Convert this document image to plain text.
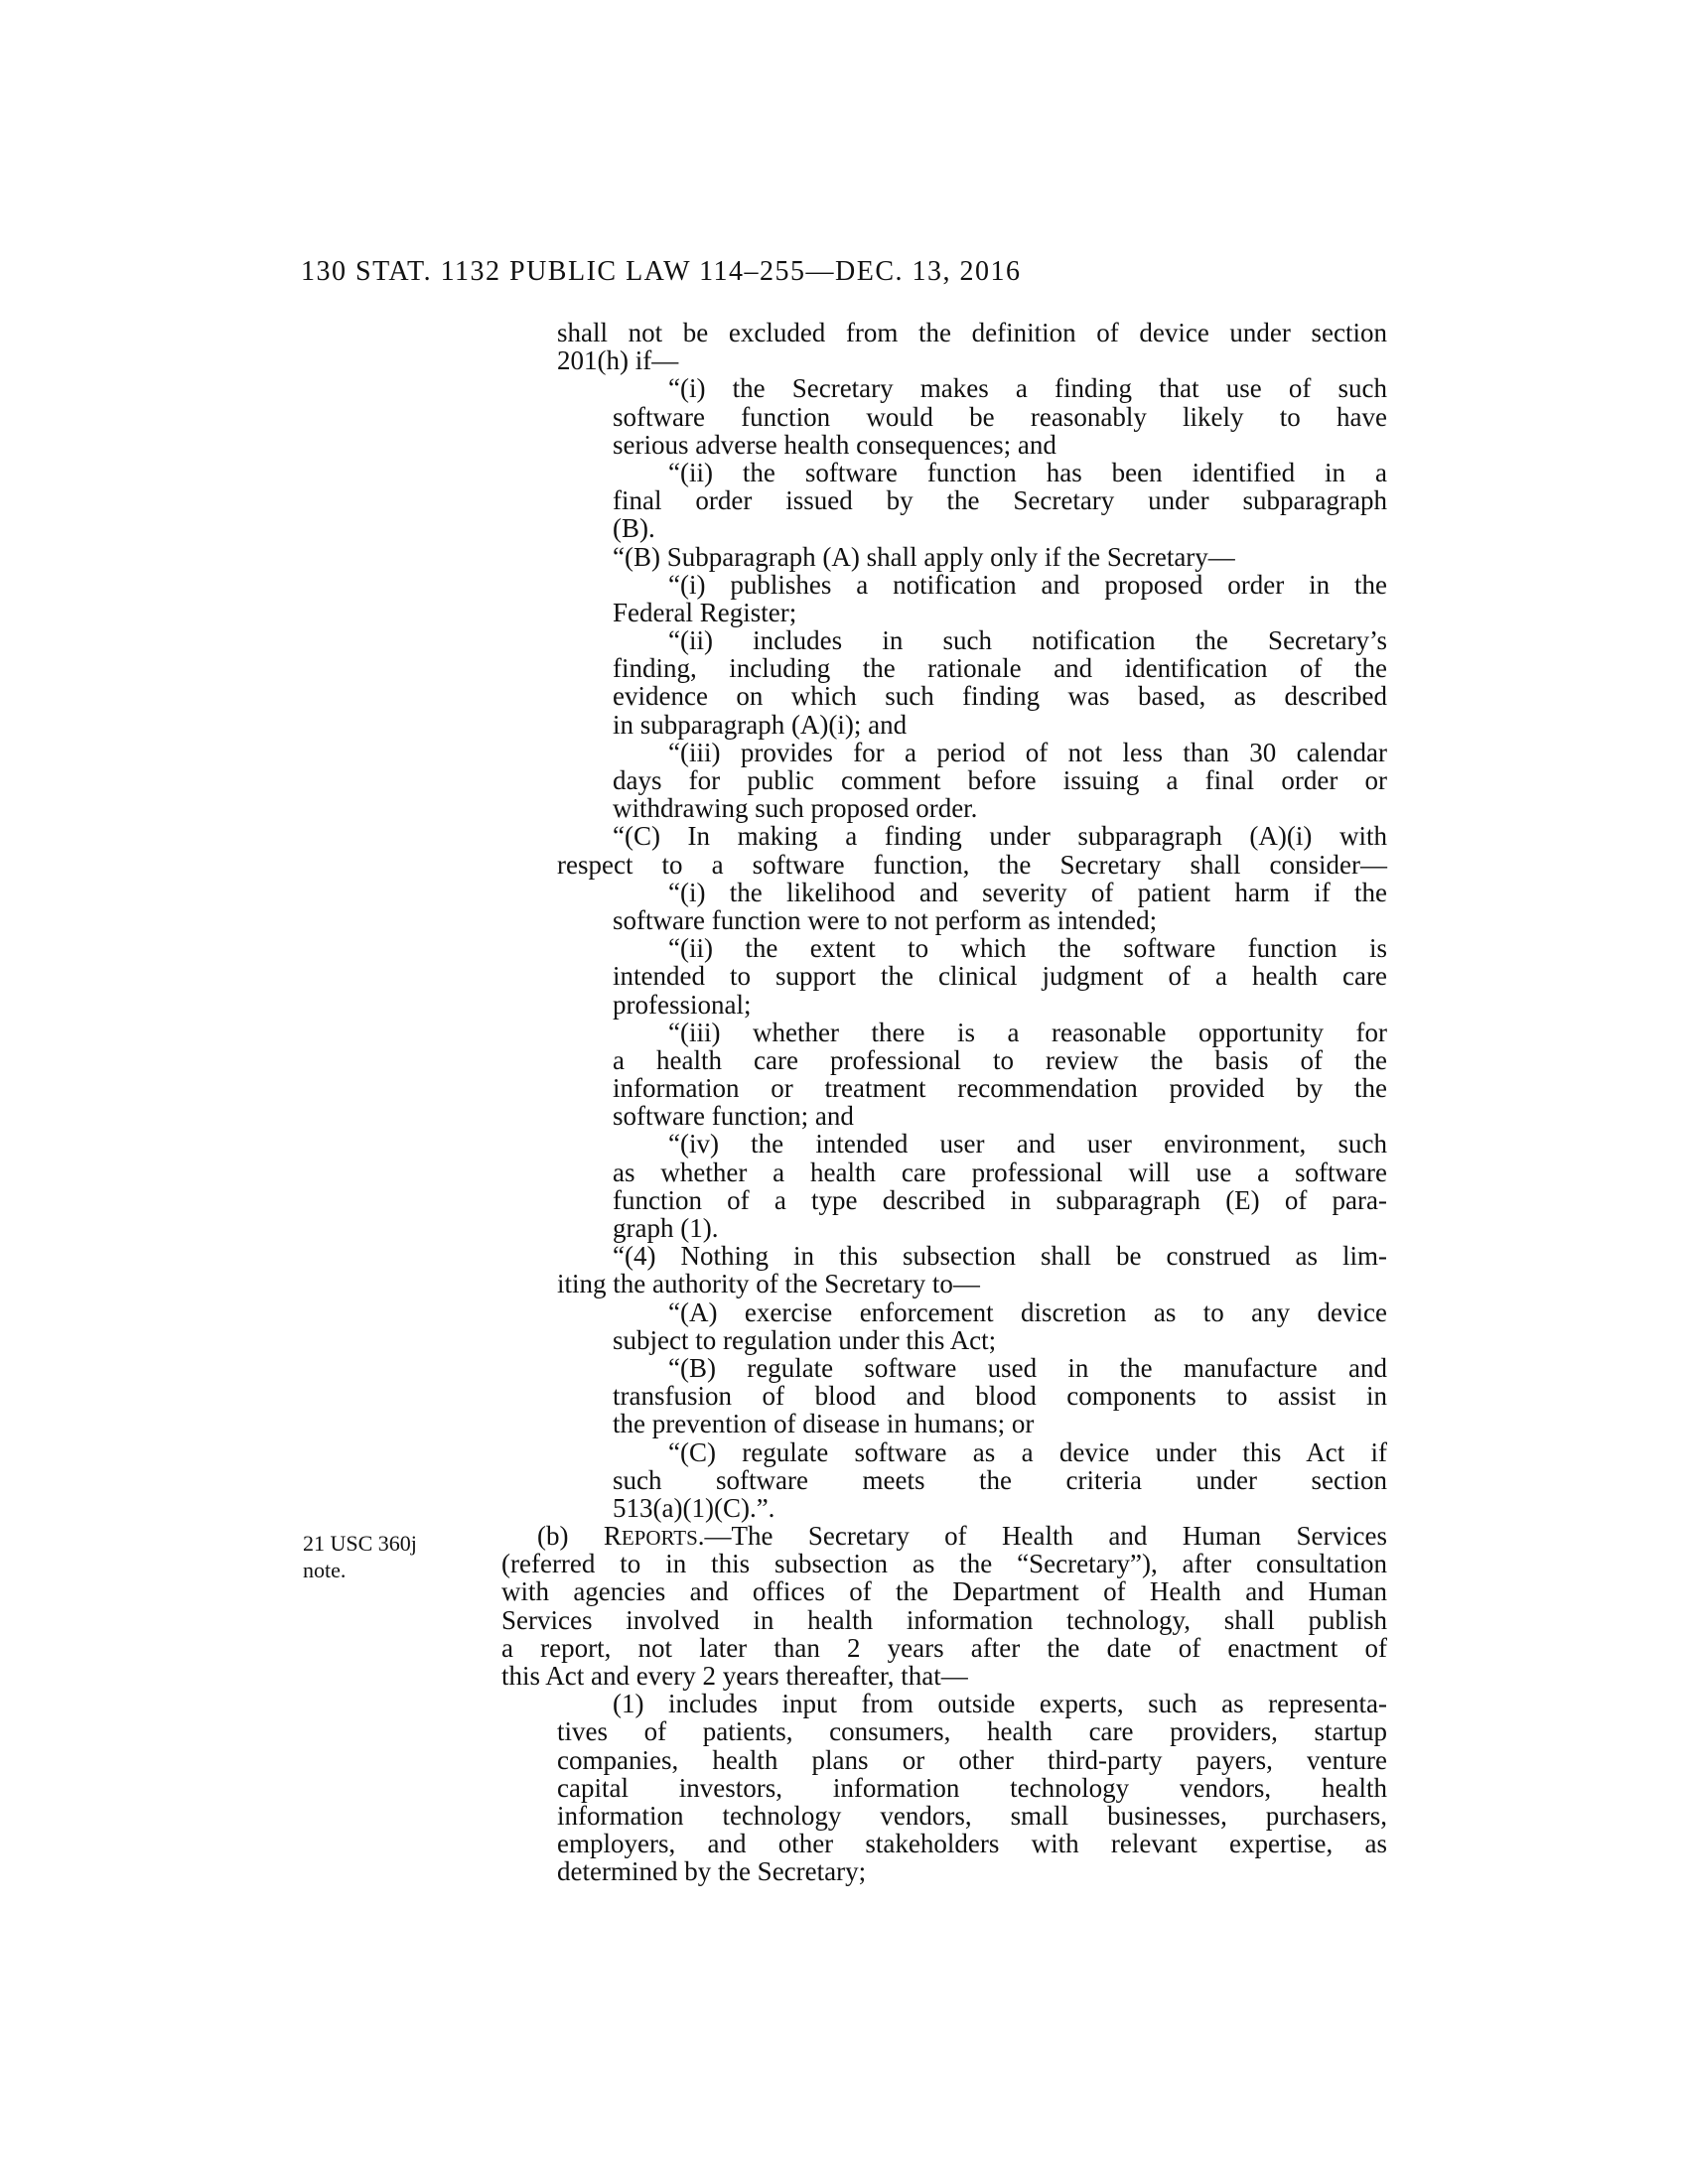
130 STAT. 1132 PUBLIC LAW 114–255—DEC. 13, 2016
21 USC 360j
note.
shall not be excluded from the definition of device under section
201(h) if—
“(i) the Secretary makes a finding that use of such
software function would be reasonably likely to have
serious adverse health consequences; and
“(ii) the software function has been identified in a
final order issued by the Secretary under subparagraph
(B).
“(B) Subparagraph (A) shall apply only if the Secretary—
“(i) publishes a notification and proposed order in the
Federal Register;
“(ii) includes in such notification the Secretary’s
finding, including the rationale and identification of the
evidence on which such finding was based, as described
in subparagraph (A)(i); and
“(iii) provides for a period of not less than 30 calendar
days for public comment before issuing a final order or
withdrawing such proposed order.
“(C) In making a finding under subparagraph (A)(i) with
respect to a software function, the Secretary shall consider—
“(i) the likelihood and severity of patient harm if the
software function were to not perform as intended;
“(ii) the extent to which the software function is
intended to support the clinical judgment of a health care
professional;
“(iii) whether there is a reasonable opportunity for
a health care professional to review the basis of the
information or treatment recommendation provided by the
software function; and
“(iv) the intended user and user environment, such
as whether a health care professional will use a software
function of a type described in subparagraph (E) of para-
graph (1).
“(4) Nothing in this subsection shall be construed as lim-
iting the authority of the Secretary to—
“(A) exercise enforcement discretion as to any device
subject to regulation under this Act;
“(B) regulate software used in the manufacture and
transfusion of blood and blood components to assist in
the prevention of disease in humans; or
“(C) regulate software as a device under this Act if
such software meets the criteria under section
513(a)(1)(C).”.
(b) REPORTS.—The Secretary of Health and Human Services
(referred to in this subsection as the “Secretary”), after consultation
with agencies and offices of the Department of Health and Human
Services involved in health information technology, shall publish
a report, not later than 2 years after the date of enactment of
this Act and every 2 years thereafter, that—
(1) includes input from outside experts, such as representa-
tives of patients, consumers, health care providers, startup
companies, health plans or other third-party payers, venture
capital investors, information technology vendors, health
information technology vendors, small businesses, purchasers,
employers, and other stakeholders with relevant expertise, as
determined by the Secretary;
